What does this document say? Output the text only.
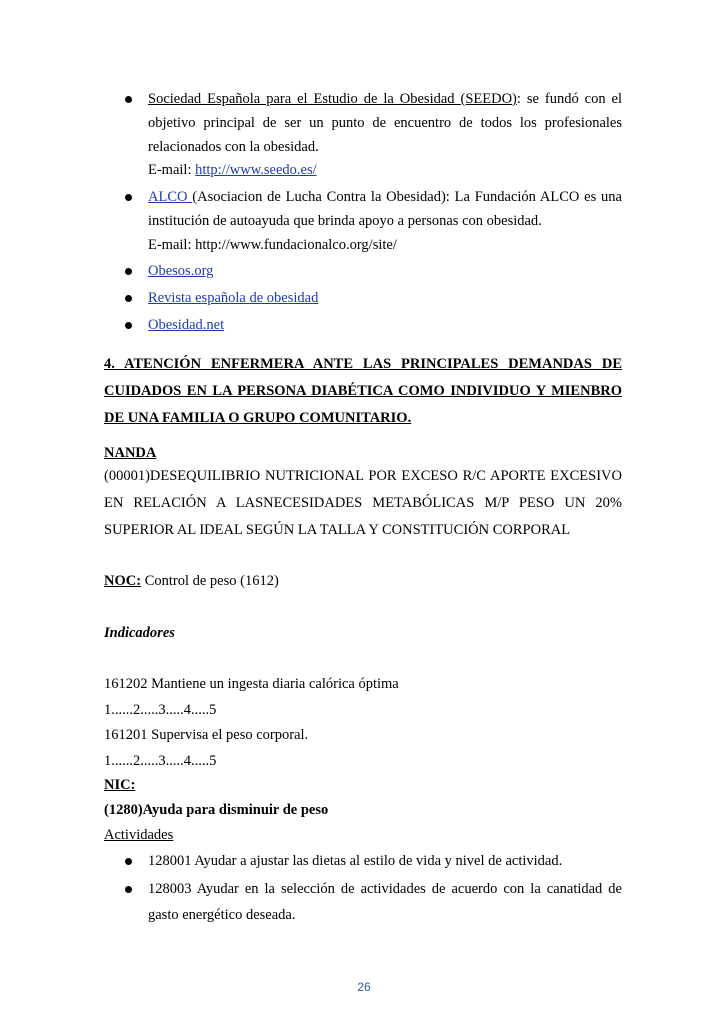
Sociedad Española para el Estudio de la Obesidad (SEEDO): se fundó con el
objetivo principal de ser un punto de encuentro de todos los profesionales
relacionados con la obesidad.
E-mail: http://www.seedo.es/
ALCO (Asociacion de Lucha Contra la Obesidad): La Fundación ALCO es una
institución de autoayuda que brinda apoyo a personas con obesidad.
E-mail: http://www.fundacionalco.org/site/
Obesos.org
Revista española de obesidad
Obesidad.net
4. ATENCIÓN ENFERMERA ANTE LAS PRINCIPALES DEMANDAS DE
CUIDADOS EN LA PERSONA DIABÉTICA COMO INDIVIDUO Y MIENBRO
DE UNA FAMILIA O GRUPO COMUNITARIO.
NANDA
(00001)DESEQUILIBRIO NUTRICIONAL POR EXCESO R/C APORTE EXCESIVO
EN RELACIÓN A LASNECESIDADES METABÓLICAS M/P PESO UN 20%
SUPERIOR AL IDEAL SEGÚN LA TALLA Y CONSTITUCIÓN CORPORAL
NOC: Control de peso (1612)
Indicadores
161202 Mantiene un ingesta diaria calórica óptima
1......2.....3.....4.....5
161201 Supervisa el peso corporal.
1......2.....3.....4.....5
NIC:
(1280)Ayuda para disminuir de peso
Actividades
128001 Ayudar a ajustar las dietas al estilo de vida y nivel de actividad.
128003 Ayudar en la selección de actividades de acuerdo con la canatidad de
gasto energético deseada.
26
